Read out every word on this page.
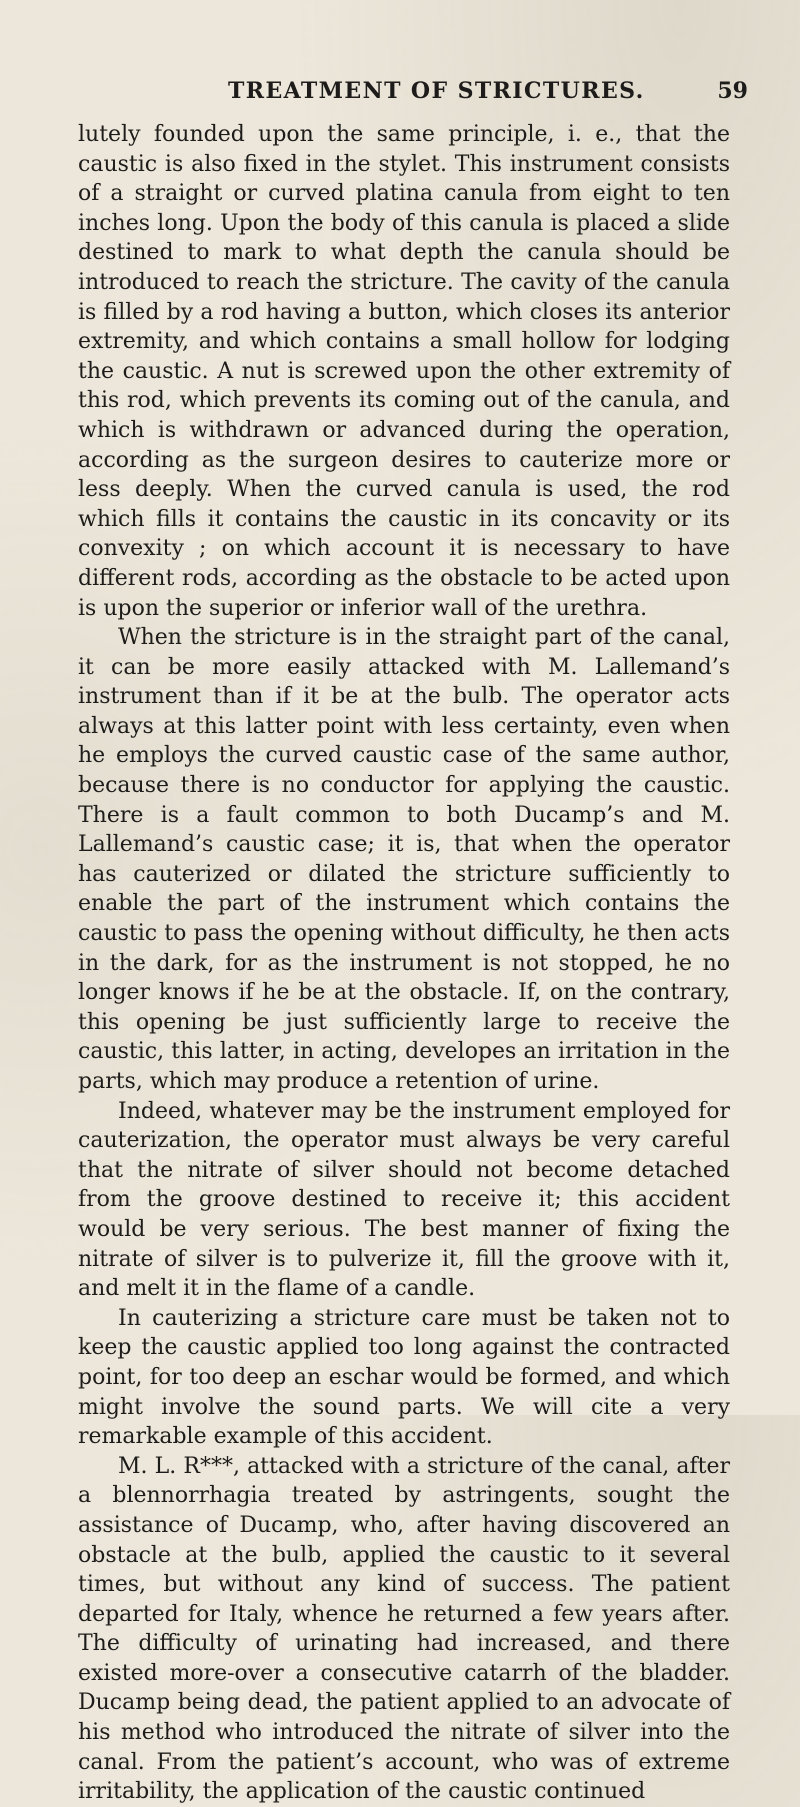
TREATMENT OF STRICTURES.	59

lutely founded upon the same principle, i. e., that the caustic is also fixed in the stylet. This instrument consists of a straight or curved platina canula from eight to ten inches long. Upon the body of this canula is placed a slide destined to mark to what depth the canula should be introduced to reach the stricture. The cavity of the canula is filled by a rod having a button, which closes its anterior extremity, and which contains a small hollow for lodging the caustic. A nut is screwed upon the other extremity of this rod, which prevents its coming out of the canula, and which is withdrawn or advanced during the operation, according as the surgeon desires to cauterize more or less deeply. When the curved canula is used, the rod which fills it contains the caustic in its concavity or its convexity ; on which account it is necessary to have different rods, according as the obstacle to be acted upon is upon the superior or inferior wall of the urethra.

When the stricture is in the straight part of the canal, it can be more easily attacked with M. Lallemand’s instrument than if it be at the bulb. The operator acts always at this latter point with less certainty, even when he employs the curved caustic case of the same author, because there is no conductor for applying the caustic. There is a fault common to both Ducamp’s and M. Lallemand’s caustic case; it is, that when the operator has cauterized or dilated the stricture sufficiently to enable the part of the instrument which contains the caustic to pass the opening without difficulty, he then acts in the dark, for as the instrument is not stopped, he no longer knows if he be at the obstacle. If, on the contrary, this opening be just sufficiently large to receive the caustic, this latter, in acting, developes an irritation in the parts, which may produce a retention of urine.

Indeed, whatever may be the instrument employed for cauterization, the operator must always be very careful that the nitrate of silver should not become detached from the groove destined to receive it; this accident would be very serious. The best manner of fixing the nitrate of silver is to pulverize it, fill the groove with it, and melt it in the flame of a candle.

In cauterizing a stricture care must be taken not to keep the caustic applied too long against the contracted point, for too deep an eschar would be formed, and which might involve the sound parts. We will cite a very remarkable example of this accident.

M. L. R***, attacked with a stricture of the canal, after a blennorrhagia treated by astringents, sought the assistance of Ducamp, who, after having discovered an obstacle at the bulb, applied the caustic to it several times, but without any kind of success. The patient departed for Italy, whence he returned a few years after. The difficulty of urinating had increased, and there existed more-over a consecutive catarrh of the bladder. Ducamp being dead, the patient applied to an advocate of his method who introduced the nitrate of silver into the canal. From the patient’s account, who was of extreme irritability, the application of the caustic continued
